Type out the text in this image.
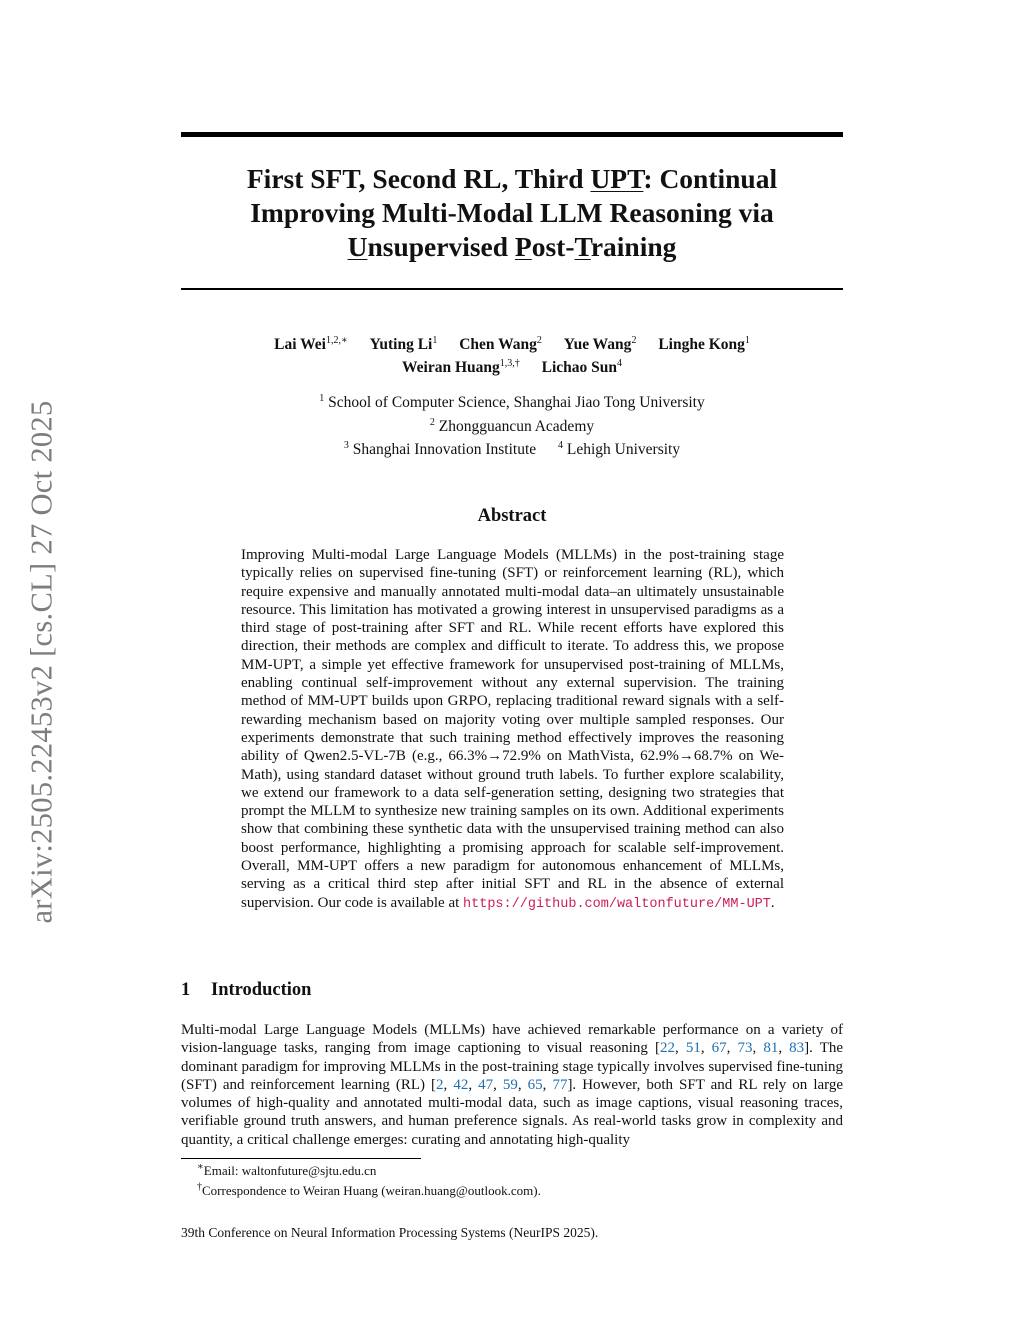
arXiv:2505.22453v2 [cs.CL] 27 Oct 2025
First SFT, Second RL, Third UPT: Continual
Improving Multi-Modal LLM Reasoning via
Unsupervised Post-Training
Lai Wei$^{1,2,∗}$ Yuting Li$^1$ Chen Wang$^2$ Yue Wang$^2$ Linghe Kong$^1$
Weiran Huang$^{1,3,\dagger}$ Lichao Sun$^4$
$^1$ School of Computer Science, Shanghai Jiao Tong University
$^2$ Zhongguancun Academy
$^3$ Shanghai Innovation Institute $^4$ Lehigh University
Abstract

Improving Multi-modal Large Language Models (MLLMs) in the post-training stage typically relies on supervised fine-tuning (SFT) or reinforcement learning (RL), which require expensive and manually annotated multi-modal data–an ultimately unsustainable resource. This limitation has motivated a growing interest in unsupervised paradigms as a third stage of post-training after SFT and RL. While recent efforts have explored this direction, their methods are complex and difficult to iterate. To address this, we propose MM-UPT, a simple yet effective framework for unsupervised post-training of MLLMs, enabling continual self-improvement without any external supervision. The training method of MM-UPT builds upon GRPO, replacing traditional reward signals with a self-rewarding mechanism based on majority voting over multiple sampled responses. Our experiments demonstrate that such training method effectively improves the reasoning ability of Qwen2.5-VL-7B (e.g., 66.3%→72.9% on MathVista, 62.9%→68.7% on We-Math), using standard dataset without ground truth labels. To further explore scalability, we extend our framework to a data self-generation setting, designing two strategies that prompt the MLLM to synthesize new training samples on its own. Additional experiments show that combining these synthetic data with the unsupervised training method can also boost performance, highlighting a promising approach for scalable self-improvement. Overall, MM-UPT offers a new paradigm for autonomous enhancement of MLLMs, serving as a critical third step after initial SFT and RL in the absence of external supervision. Our code is available at https://github.com/waltonfuture/MM-UPT.

1 Introduction

Multi-modal Large Language Models (MLLMs) have achieved remarkable performance on a variety of vision-language tasks, ranging from image captioning to visual reasoning [22, 51, 67, 73, 81, 83]. The dominant paradigm for improving MLLMs in the post-training stage typically involves supervised fine-tuning (SFT) and reinforcement learning (RL) [2, 42, 47, 59, 65, 77]. However, both SFT and RL rely on large volumes of high-quality and annotated multi-modal data, such as image captions, visual reasoning traces, verifiable ground truth answers, and human preference signals. As real-world tasks grow in complexity and quantity, a critical challenge emerges: curating and annotating high-quality

∗Email: waltonfuture@sjtu.edu.cn
†Correspondence to Weiran Huang (weiran.huang@outlook.com).
39th Conference on Neural Information Processing Systems (NeurIPS 2025).
